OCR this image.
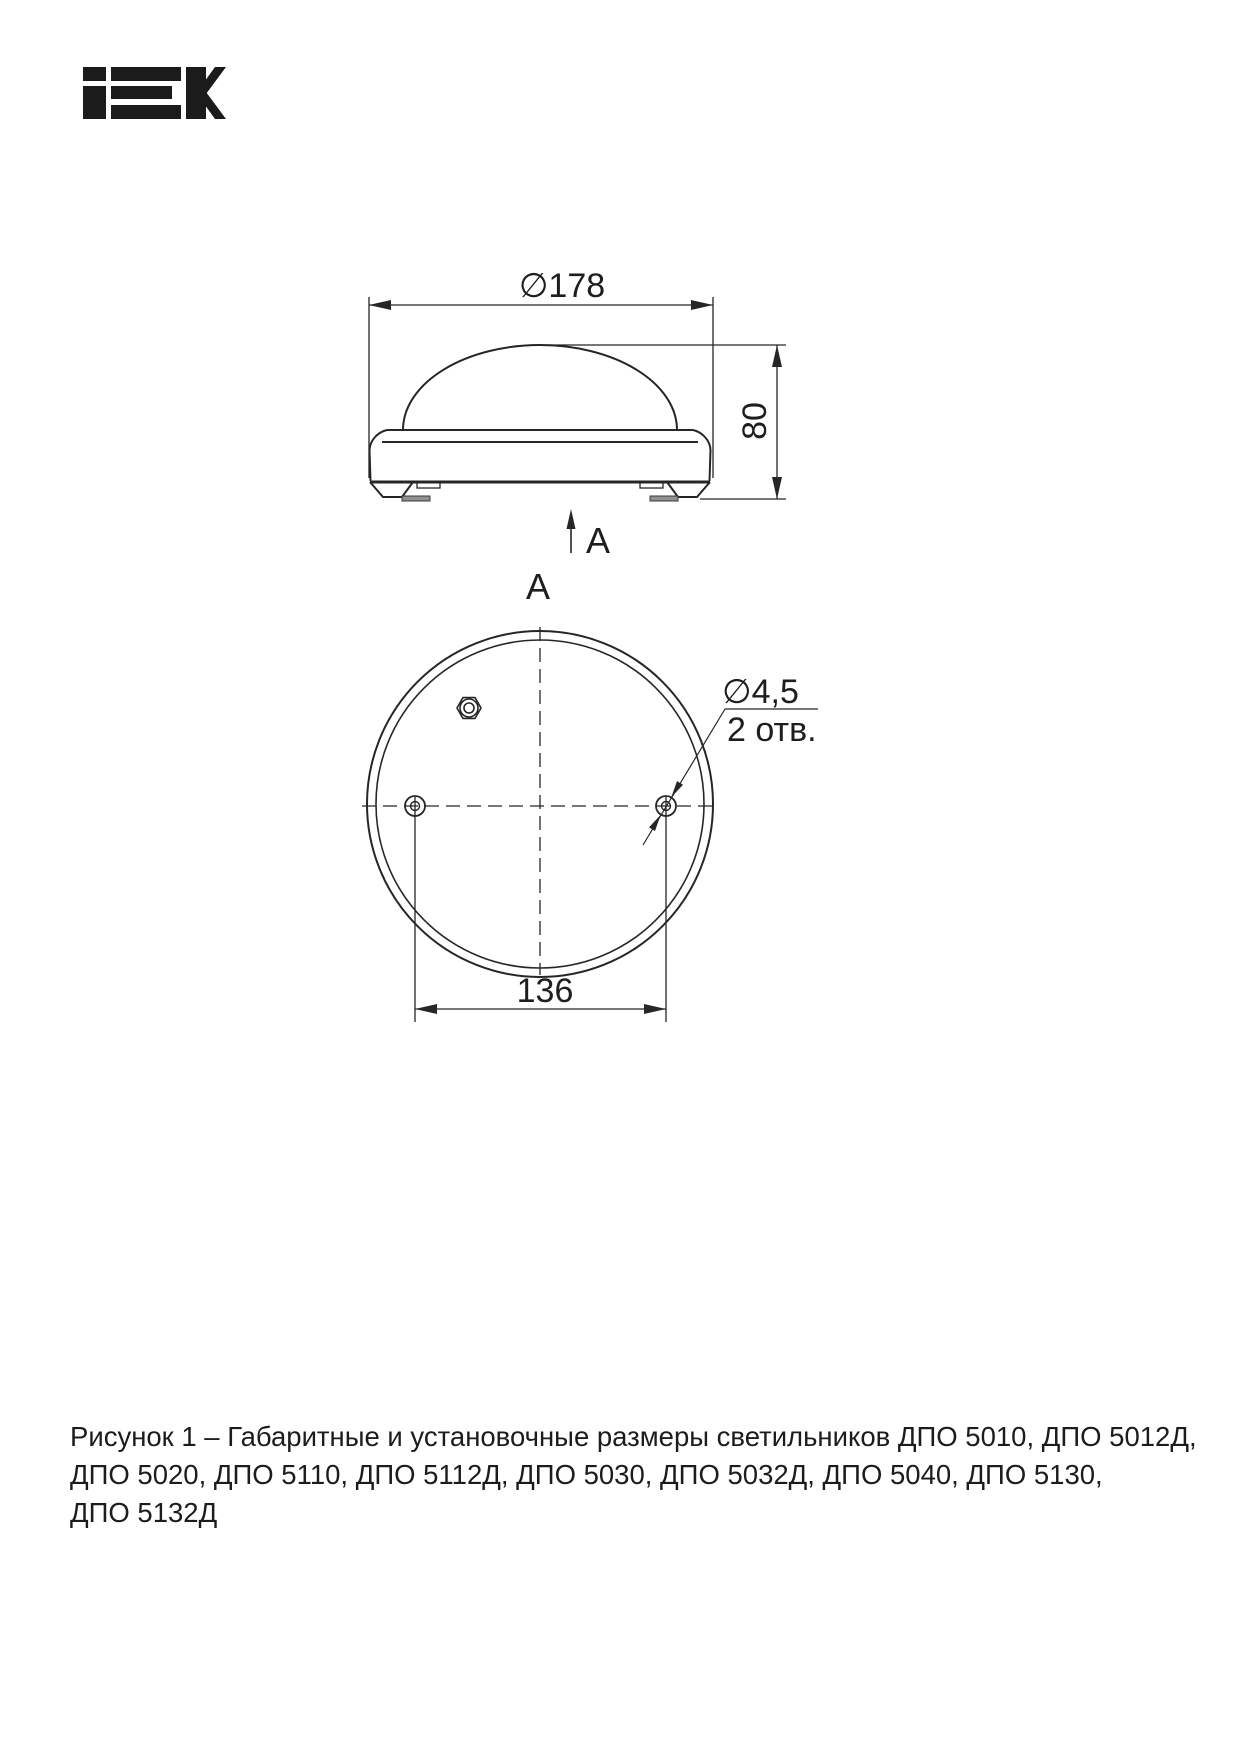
∅178
80
A
A
∅4,5
2 отв.
136
Рисунок 1 – Габаритные и установочные размеры светильников ДПО 5010, ДПО 5012Д,
ДПО 5020, ДПО 5110, ДПО 5112Д, ДПО 5030, ДПО 5032Д, ДПО 5040, ДПО 5130,
ДПО 5132Д
